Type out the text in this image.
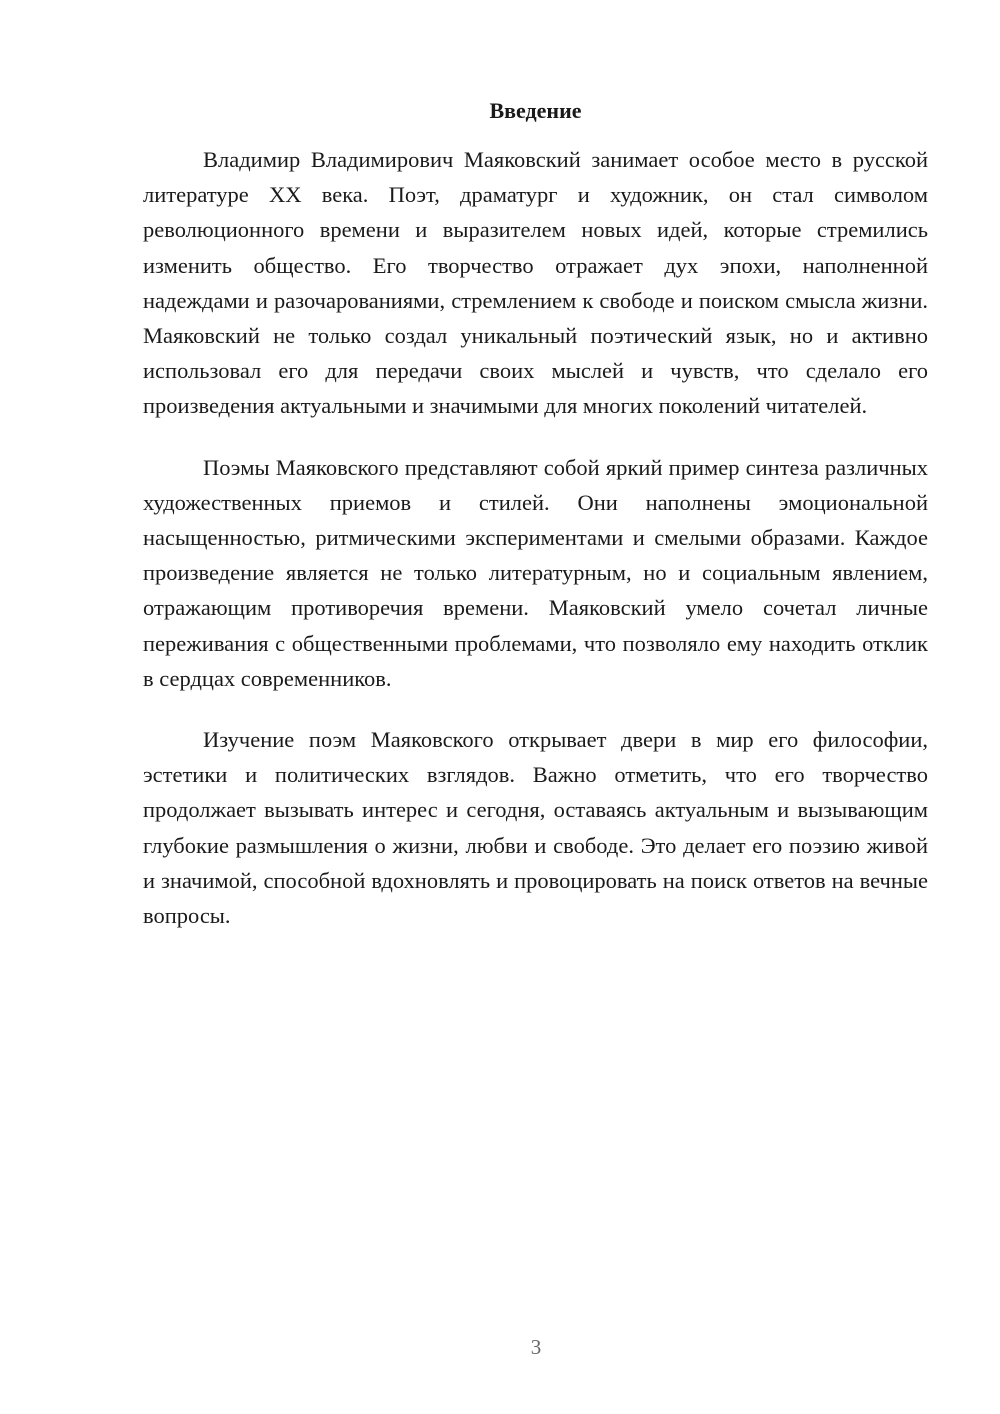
Введение

Владимир Владимирович Маяковский занимает особое место в русской литературе XX века. Поэт, драматург и художник, он стал символом революционного времени и выразителем новых идей, которые стремились изменить общество. Его творчество отражает дух эпохи, наполненной надеждами и разочарованиями, стремлением к свободе и поиском смысла жизни. Маяковский не только создал уникальный поэтический язык, но и активно использовал его для передачи своих мыслей и чувств, что сделало его произведения актуальными и значимыми для многих поколений читателей.

Поэмы Маяковского представляют собой яркий пример синтеза различных художественных приемов и стилей. Они наполнены эмоциональной насыщенностью, ритмическими экспериментами и смелыми образами. Каждое произведение является не только литературным, но и социальным явлением, отражающим противоречия времени. Маяковский умело сочетал личные переживания с общественными проблемами, что позволяло ему находить отклик в сердцах современников.

Изучение поэм Маяковского открывает двери в мир его философии, эстетики и политических взглядов. Важно отметить, что его творчество продолжает вызывать интерес и сегодня, оставаясь актуальным и вызывающим глубокие размышления о жизни, любви и свободе. Это делает его поэзию живой и значимой, способной вдохновлять и провоцировать на поиск ответов на вечные вопросы.

3
